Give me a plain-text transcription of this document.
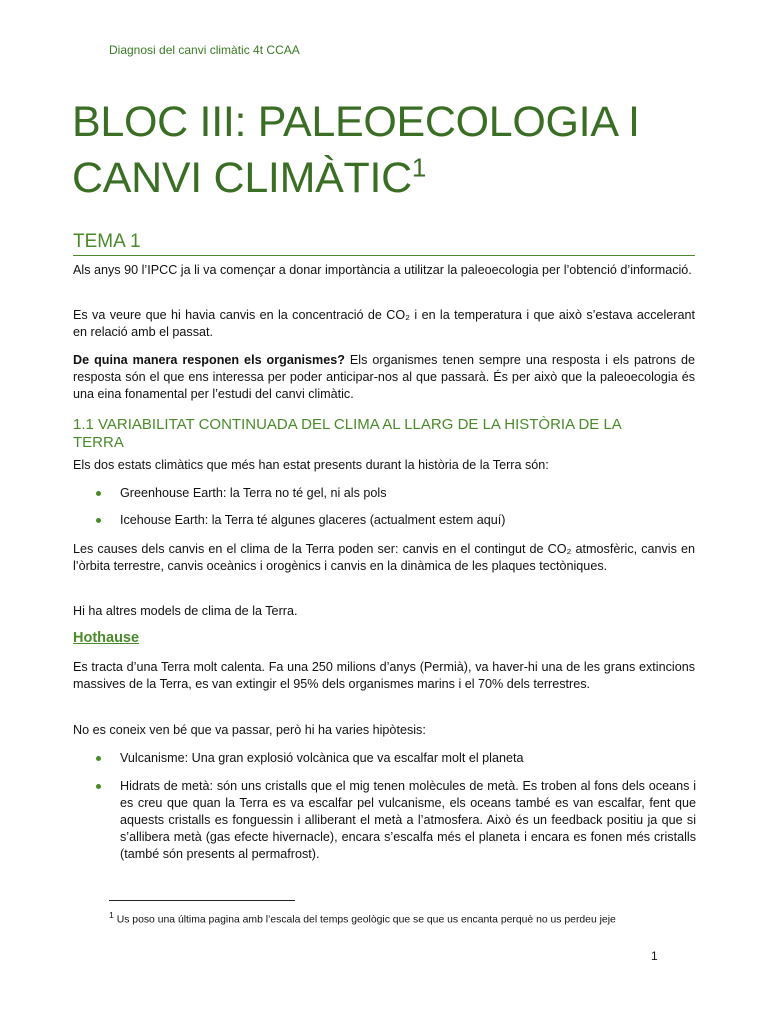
Diagnosi del canvi climàtic 4t CCAA
BLOC III: PALEOECOLOGIA I CANVI CLIMÀTIC$^1$
TEMA 1

Als anys 90 l’IPCC ja li va començar a donar importància a utilitzar la paleoecologia per l’obtenció d’informació.

Es va veure que hi havia canvis en la concentració de CO₂ i en la temperatura i que això s’estava accelerant en relació amb el passat.

De quina manera responen els organismes? Els organismes tenen sempre una resposta i els patrons de resposta són el que ens interessa per poder anticipar-nos al que passarà. És per això que la paleoecologia és una eina fonamental per l’estudi del canvi climàtic.

1.1 VARIABILITAT CONTINUADA DEL CLIMA AL LLARG DE LA HISTÒRIA DE LA TERRA

Els dos estats climàtics que més han estat presents durant la història de la Terra són:

Greenhouse Earth: la Terra no té gel, ni als pols
Icehouse Earth: la Terra té algunes glaceres (actualment estem aquí)

Les causes dels canvis en el clima de la Terra poden ser: canvis en el contingut de CO₂ atmosfèric, canvis en l’òrbita terrestre, canvis oceànics i orogènics i canvis en la dinàmica de les plaques tectòniques.

Hi ha altres models de clima de la Terra.

Hothause

Es tracta d’una Terra molt calenta. Fa una 250 milions d’anys (Permià), va haver-hi una de les grans extincions massives de la Terra, es van extingir el 95% dels organismes marins i el 70% dels terrestres.

No es coneix ven bé que va passar, però hi ha varies hipòtesis:

Vulcanisme: Una gran explosió volcànica que va escalfar molt el planeta
Hidrats de metà: són uns cristalls que el mig tenen molècules de metà. Es troben al fons dels oceans i es creu que quan la Terra es va escalfar pel vulcanisme, els oceans també es van escalfar, fent que aquests cristalls es fonguessin i alliberant el metà a l’atmosfera. Això és un feedback positiu ja que si s’allibera metà (gas efecte hivernacle), encara s’escalfa més el planeta i encara es fonen més cristalls (també són presents al permafrost).
$^1$ Us poso una última pagina amb l’escala del temps geològic que se que us encanta perquè no us perdeu jeje
1
